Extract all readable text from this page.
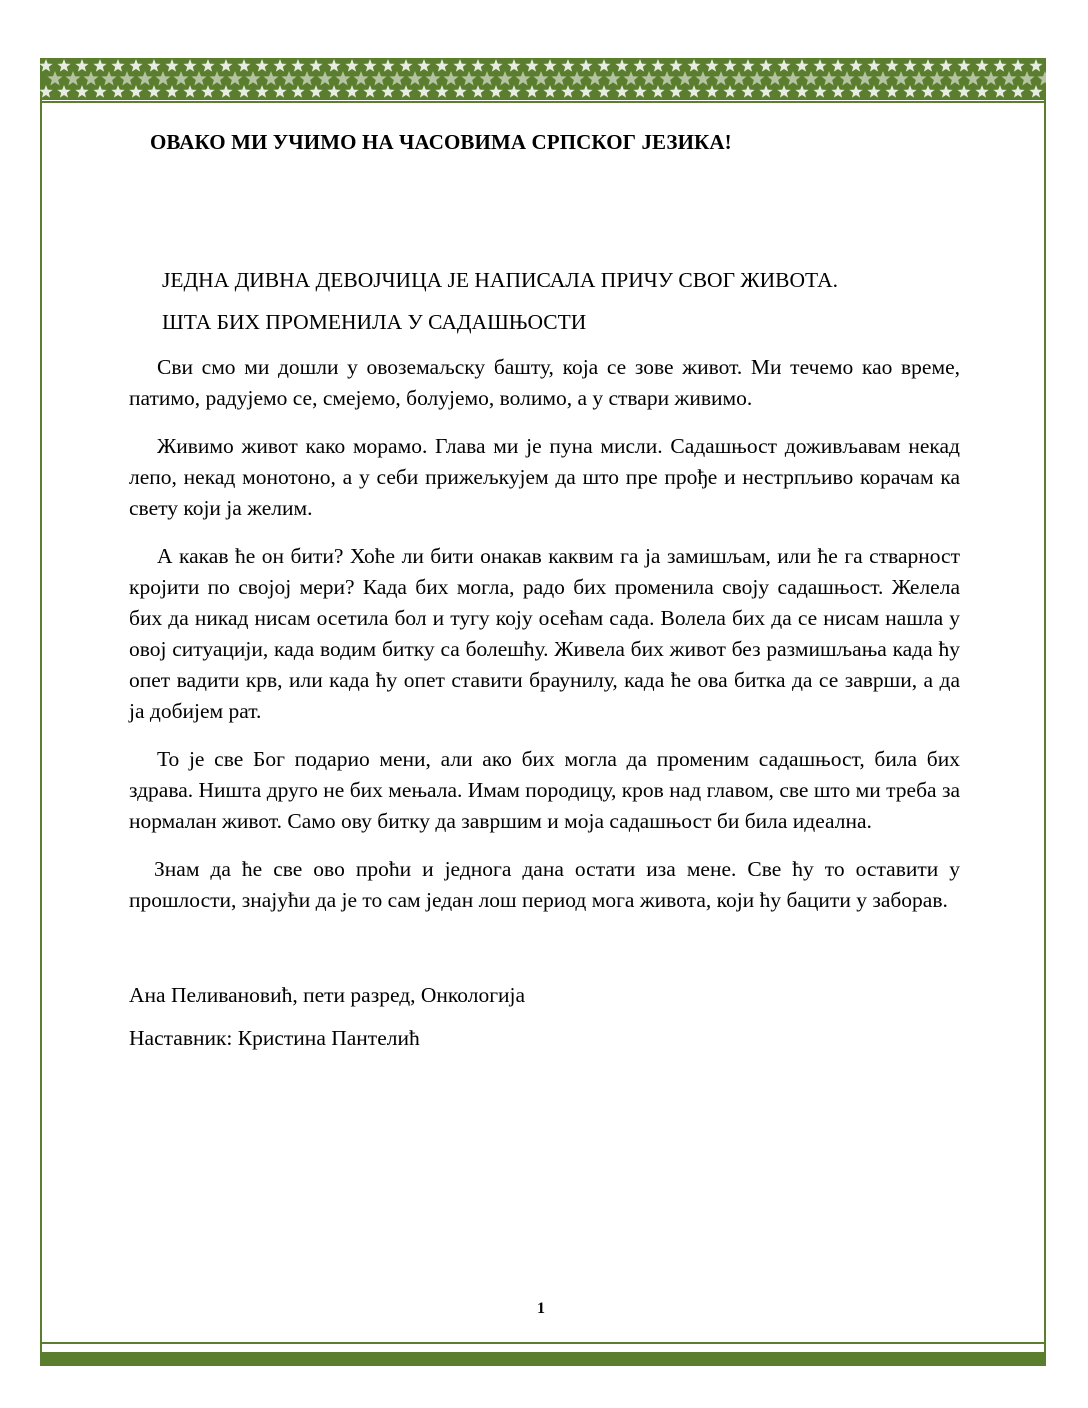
ОВАКО МИ УЧИМО НА ЧАСОВИМА СРПСКОГ ЈЕЗИКА!
ЈЕДНА ДИВНА ДЕВОЈЧИЦА ЈЕ НАПИСАЛА ПРИЧУ СВОГ ЖИВОТА.
ШТА БИХ ПРОМЕНИЛА У САДАШЊОСТИ

Сви смо ми дошли у овоземаљску башту, која се зове живот. Ми течемо као време, патимо, радујемо се, смејемо, болујемо, волимо, а у ствари живимо.

Живимо живот како морамо. Глава ми је пуна мисли. Садашњост доживљавам некад лепо, некад монотоно, а у себи прижељкујем да што пре прође и нестрпљиво корачам ка свету који ја желим.

А какав ће он бити? Хоће ли бити онакав каквим га ја замишљам, или ће га стварност кројити по својој мери? Када бих могла, радо бих променила своју садашњост. Желела бих да никад нисам осетила бол и тугу коју осећам сада. Волела бих да се нисам нашла у овој ситуацији, када водим битку са болешћу. Живела бих живот без размишљања када ћу опет вадити крв, или када ћу опет ставити браунилу, када ће ова битка да се заврши, а да ја добијем рат.

То је све Бог подарио мени, али ако бих могла да променим садашњост, била бих здрава. Ништа друго не бих мењала. Имам породицу, кров над главом, све што ми треба за нормалан живот. Само ову битку да завршим и моја садашњост би била идеална.

Знам да ће све ово проћи и једнога дана остати иза мене. Све ћу то оставити у прошлости, знајући да је то сам један лош период мога живота, који ћу бацити у заборав.

Ана Пеливановић, пети разред, Онкологија
Наставник: Кристина Пантелић
1
